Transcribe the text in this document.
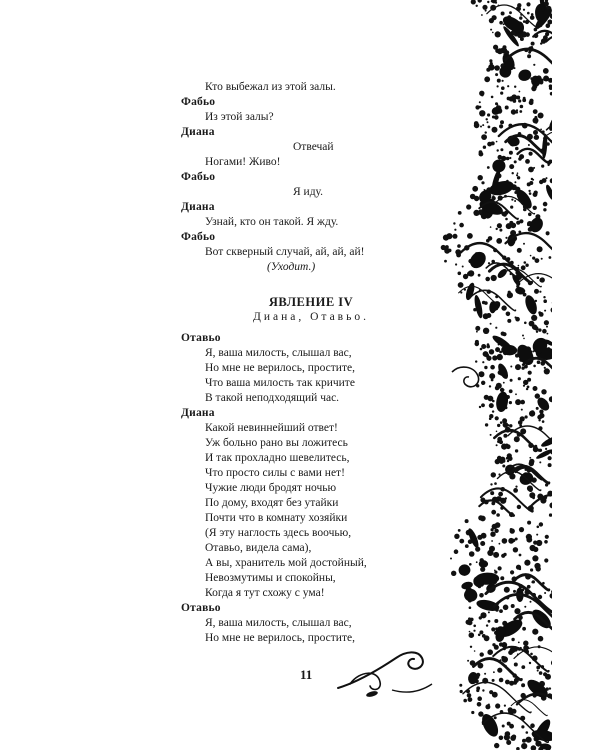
Кто выбежал из этой залы.
Фабьо
Из этой залы?
Диана
Отвечай
Ногами! Живо!
Фабьо
Я иду.
Диана
Узнай, кто он такой. Я жду.
Фабьо
Вот скверный случай, ай, ай, ай!
(Уходит.)
ЯВЛЕНИЕ IV
Диана, Отавьо.
Отавьо
Я, ваша милость, слышал вас,
Но мне не верилось, простите,
Что ваша милость так кричите
В такой неподходящий час.
Диана
Какой невиннейший ответ!
Уж больно рано вы ложитесь
И так прохладно шевелитесь,
Что просто силы с вами нет!
Чужие люди бродят ночью
По дому, входят без утайки
Почти что в комнату хозяйки
(Я эту наглость здесь воочью,
Отавьо, видела сама),
А вы, хранитель мой достойный,
Невозмутимы и спокойны,
Когда я тут схожу с ума!
Отавьо
Я, ваша милость, слышал вас,
Но мне не верилось, простите,
11
